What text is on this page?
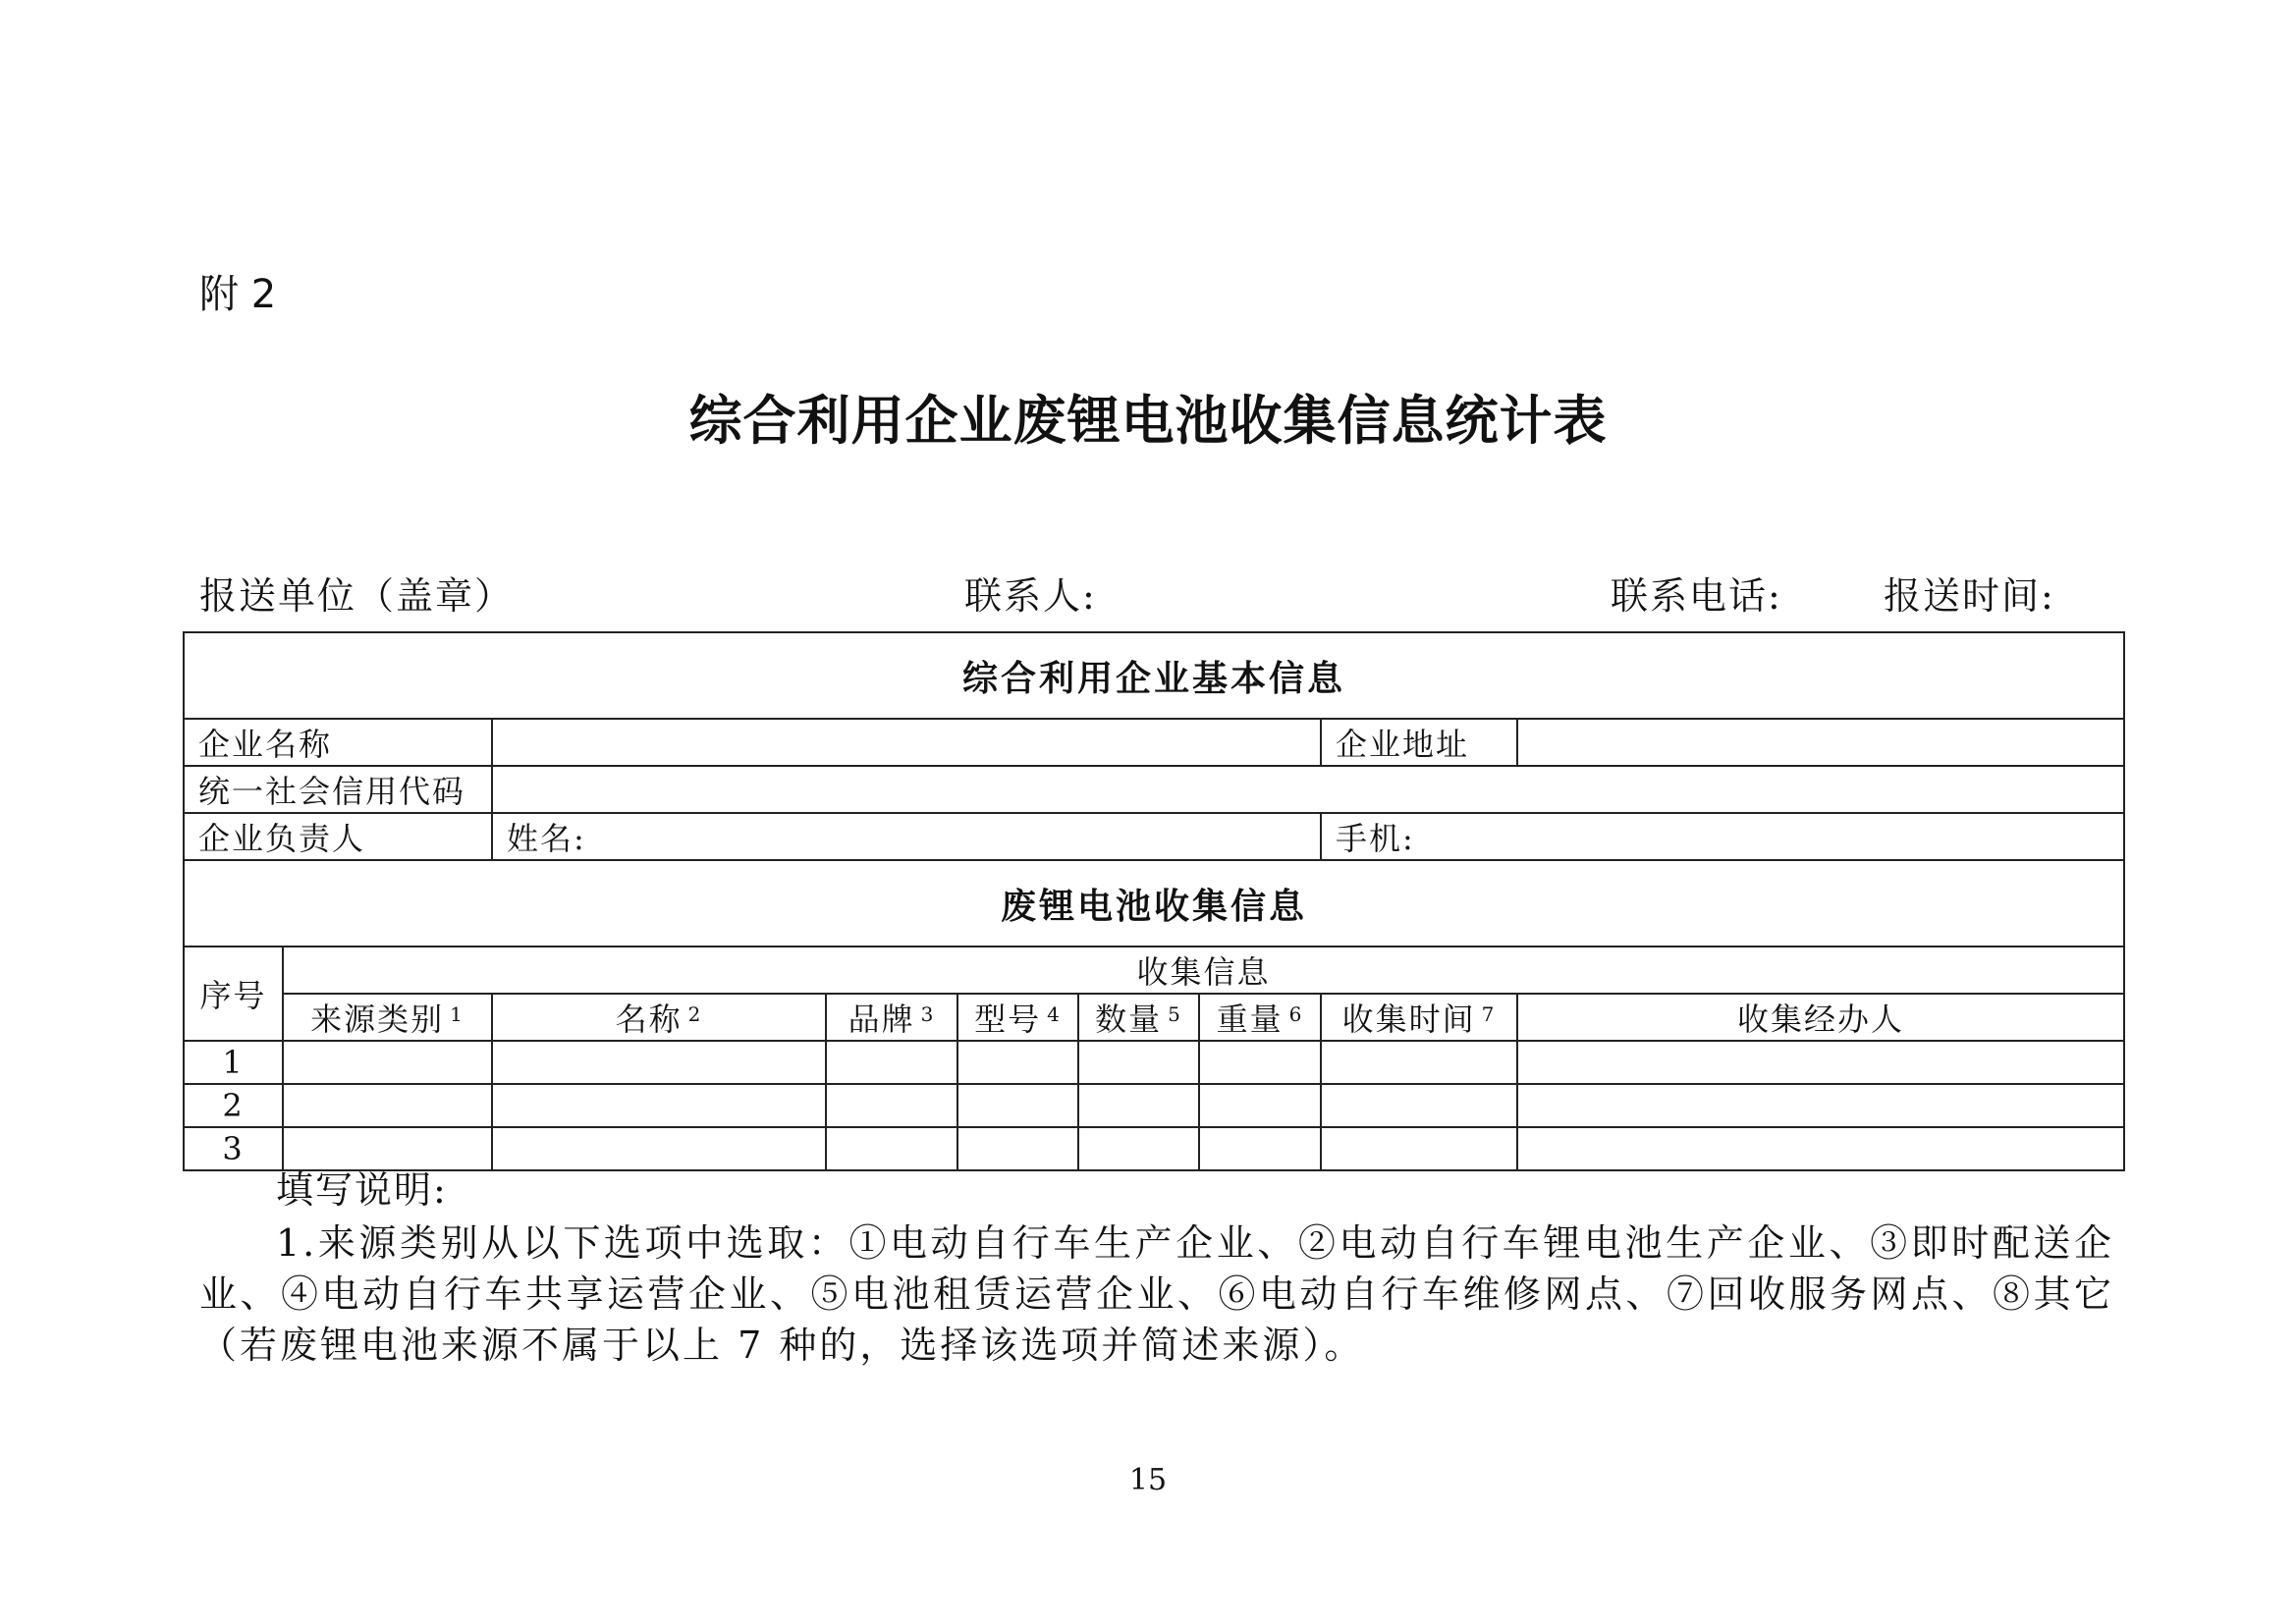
附 2
综合利用企业废锂电池收集信息统计表
报送单位（盖章）	联系人:	联系电话:	报送时间:
综合利用企业基本信息								
企业名称							企业地址	
统一社会信用代码								
企业负责人		姓名:					手机:	
废锂电池收集信息								
序号	收集信息							
	来源类别 $^1$	名称 $^2$	品牌 $^3$	型号 $^4$	数量 $^5$	重量 $^6$	收集时间 $^7$	收集经办人
1								
2								
3								
填写说明:
1.来源类别从以下选项中选取：①电动自行车生产企业、②电动自行车锂电池生产企业、③即时配送企业、④电动自行车共享运营企业、⑤电池租赁运营企业、⑥电动自行车维修网点、⑦回收服务网点、⑧其它（若废锂电池来源不属于以上 7 种的，选择该选项并简述来源）。
15
